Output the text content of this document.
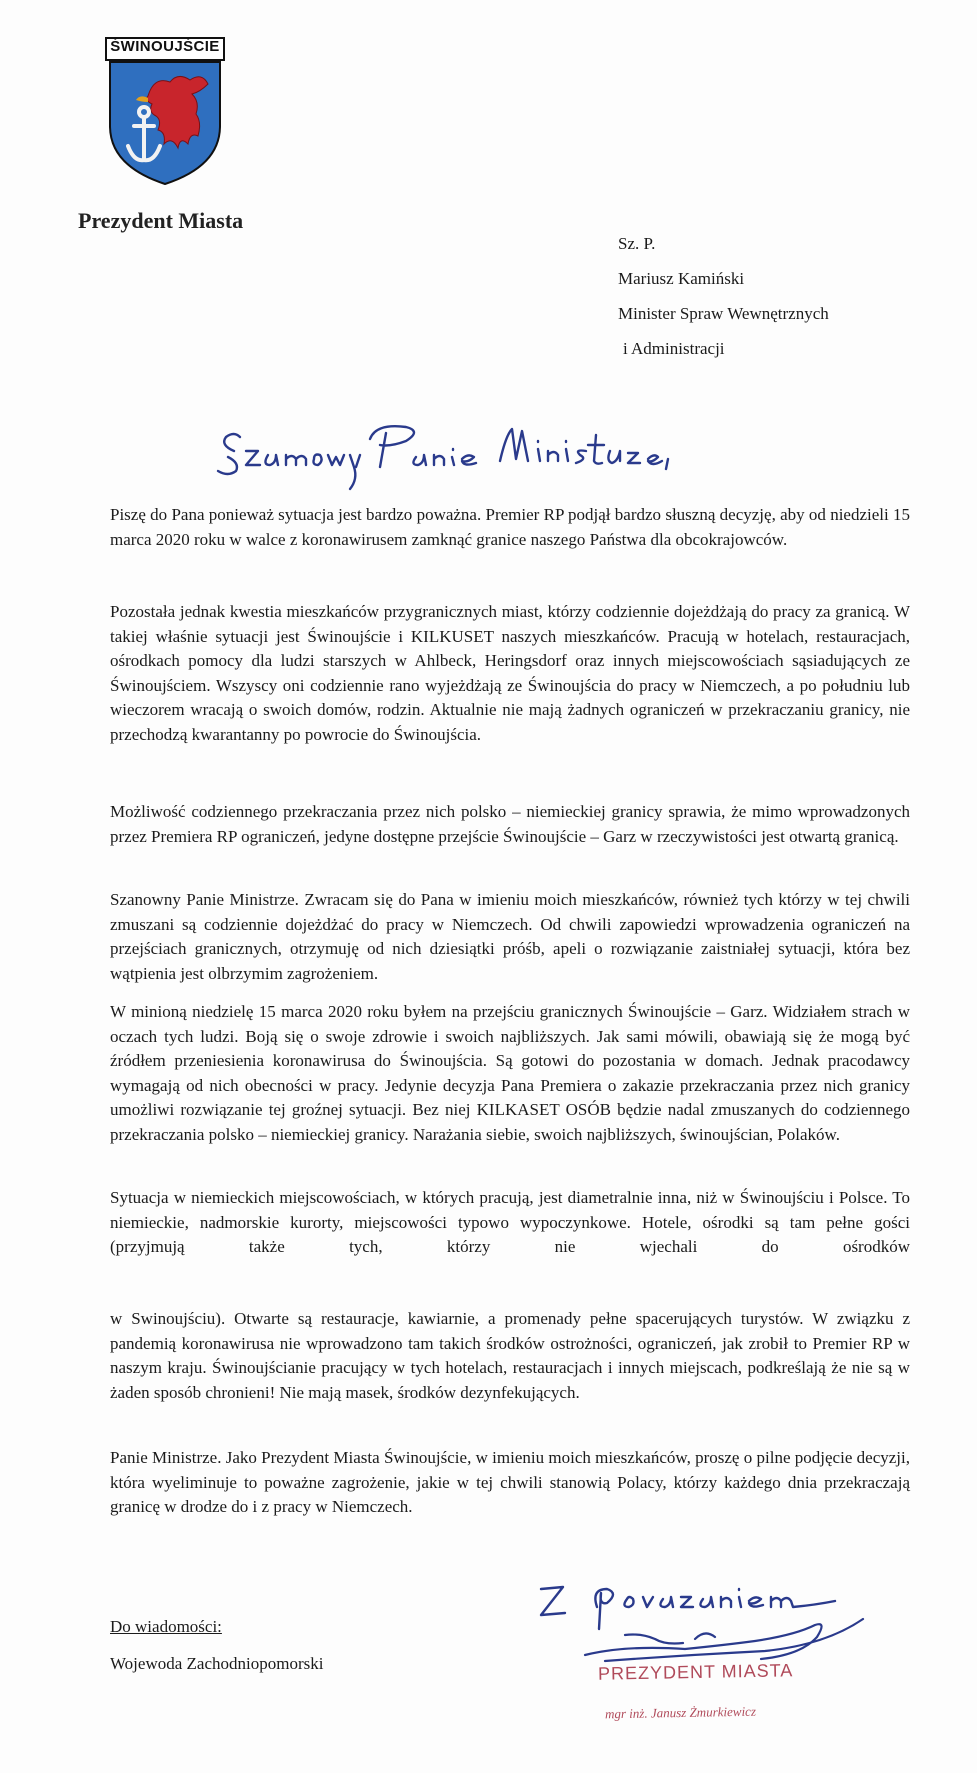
ŚWINOUJŚCIE
Prezydent Miasta
Sz. P.
Mariusz Kamiński
Minister Spraw Wewnętrznych
i Administracji

Piszę do Pana ponieważ sytuacja jest bardzo poważna. Premier RP podjął bardzo słuszną decyzję, aby od niedzieli 15 marca 2020 roku w walce z koronawirusem zamknąć granice naszego Państwa dla obcokrajowców.

Pozostała jednak kwestia mieszkańców przygranicznych miast, którzy codziennie dojeżdżają do pracy za granicą. W takiej właśnie sytuacji jest Świnoujście i KILKUSET naszych mieszkańców. Pracują w hotelach, restauracjach, ośrodkach pomocy dla ludzi starszych w Ahlbeck, Heringsdorf oraz innych miejscowościach sąsiadujących ze Świnoujściem. Wszyscy oni codziennie rano wyjeżdżają ze Świnoujścia do pracy w Niemczech, a po południu lub wieczorem wracają o swoich domów, rodzin. Aktualnie nie mają żadnych ograniczeń w przekraczaniu granicy, nie przechodzą kwarantanny po powrocie do Świnoujścia.

Możliwość codziennego przekraczania przez nich polsko – niemieckiej granicy sprawia, że mimo wprowadzonych przez Premiera RP ograniczeń, jedyne dostępne przejście Świnoujście – Garz w rzeczywistości jest otwartą granicą.

Szanowny Panie Ministrze. Zwracam się do Pana w imieniu moich mieszkańców, również tych którzy w tej chwili zmuszani są codziennie dojeżdżać do pracy w Niemczech. Od chwili zapowiedzi wprowadzenia ograniczeń na przejściach granicznych, otrzymuję od nich dziesiątki próśb, apeli o rozwiązanie zaistniałej sytuacji, która bez wątpienia jest olbrzymim zagrożeniem.

W minioną niedzielę 15 marca 2020 roku byłem na przejściu granicznych Świnoujście – Garz. Widziałem strach w oczach tych ludzi. Boją się o swoje zdrowie i swoich najbliższych. Jak sami mówili, obawiają się że mogą być źródłem przeniesienia koronawirusa do Świnoujścia. Są gotowi do pozostania w domach. Jednak pracodawcy wymagają od nich obecności w pracy. Jedynie decyzja Pana Premiera o zakazie przekraczania przez nich granicy umożliwi rozwiązanie tej groźnej sytuacji. Bez niej KILKASET OSÓB będzie nadal zmuszanych do codziennego przekraczania polsko – niemieckiej granicy. Narażania siebie, swoich najbliższych, świnoujścian, Polaków.

Sytuacja w niemieckich miejscowościach, w których pracują, jest diametralnie inna, niż w Świnoujściu i Polsce. To niemieckie, nadmorskie kurorty, miejscowości typowo wypoczynkowe. Hotele, ośrodki są tam pełne gości (przyjmują także tych, którzy nie wjechali do ośrodków

w Swinoujściu). Otwarte są restauracje, kawiarnie, a promenady pełne spacerujących turystów. W związku z pandemią koronawirusa nie wprowadzono tam takich środków ostrożności, ograniczeń, jak zrobił to Premier RP w naszym kraju. Świnoujścianie pracujący w tych hotelach, restauracjach i innych miejscach, podkreślają że nie są w żaden sposób chronieni! Nie mają masek, środków dezynfekujących.

Panie Ministrze. Jako Prezydent Miasta Świnoujście, w imieniu moich mieszkańców, proszę o pilne podjęcie decyzji, która wyeliminuje to poważne zagrożenie, jakie w tej chwili stanowią Polacy, którzy każdego dnia przekraczają granicę w drodze do i z pracy w Niemczech.

Do wiadomości:
Wojewoda Zachodniopomorski	PREZYDENT MIASTA
mgr inż. Janusz Żmurkiewicz
